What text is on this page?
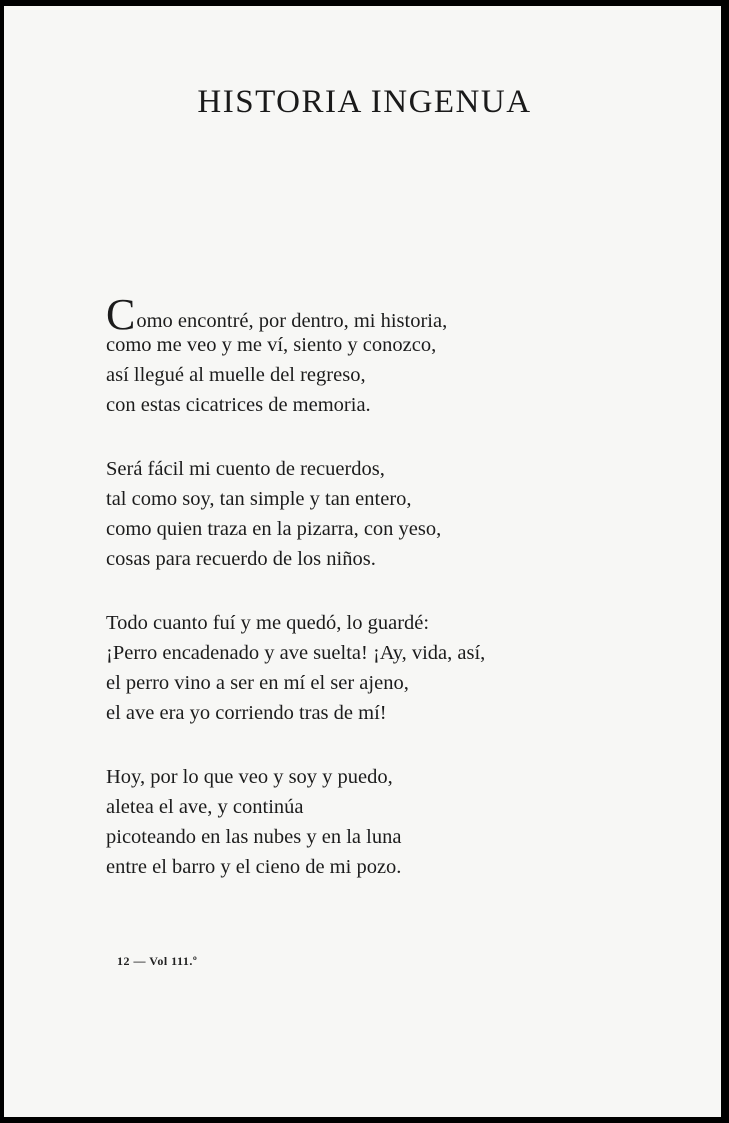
HISTORIA INGENUA
Como encontré, por dentro, mi historia,
como me veo y me ví, siento y conozco,
así llegué al muelle del regreso,
con estas cicatrices de memoria.
Será fácil mi cuento de recuerdos,
tal como soy, tan simple y tan entero,
como quien traza en la pizarra, con yeso,
cosas para recuerdo de los niños.
Todo cuanto fuí y me quedó, lo guardé:
¡Perro encadenado y ave suelta! ¡Ay, vida, así,
el perro vino a ser en mí el ser ajeno,
el ave era yo corriendo tras de mí!
Hoy, por lo que veo y soy y puedo,
aletea el ave, y continúa
picoteando en las nubes y en la luna
entre el barro y el cieno de mi pozo.
12 — Vol 111.º
